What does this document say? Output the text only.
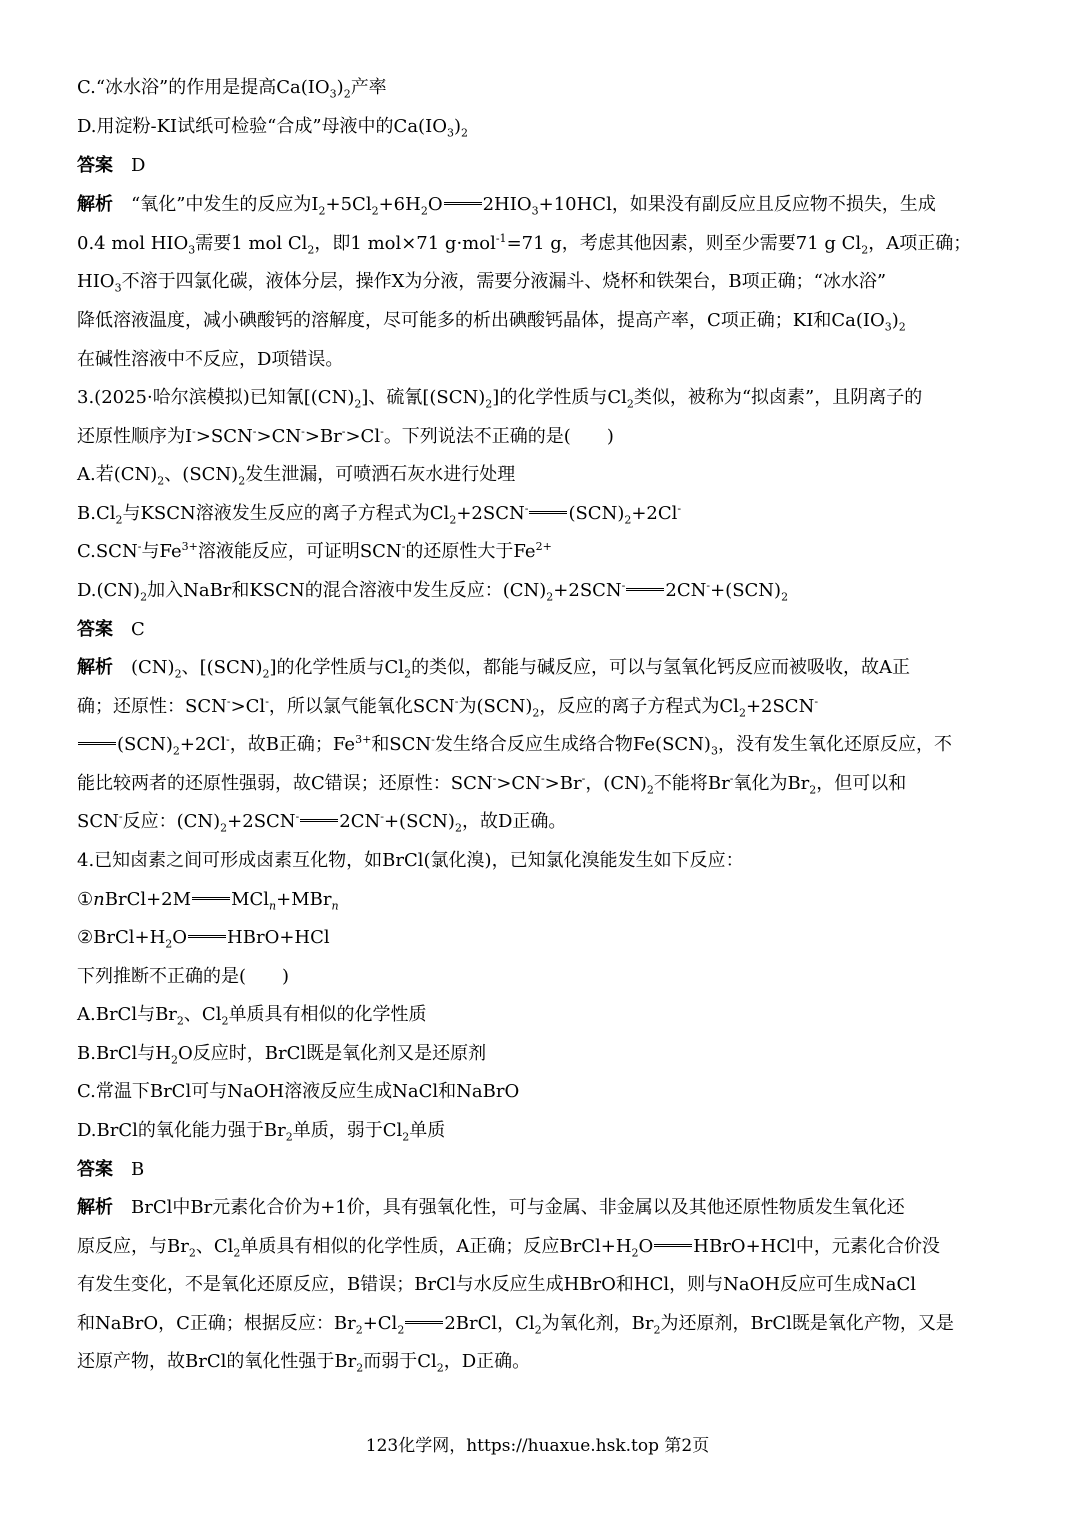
C.“冰水浴”的作用是提高$Ca(IO_3)_2$产率
D.用淀粉-KI试纸可检验“合成”母液中的$Ca(IO_3)_2$
答案　D
解析　“氧化”中发生的反应为$I_2+5Cl_2+6H_2O$ $2HIO_3+10HCl$，如果没有副反应且反应物不损失，生成
0.4 mol $HIO_3$需要1 mol $Cl_2$，即1 mol×71 g·mol$^{-1}$=71 g，考虑其他因素，则至少需要71 g $Cl_2$，A项正确；
$HIO_3$不溶于四氯化碳，液体分层，操作X为分液，需要分液漏斗、烧杯和铁架台，B项正确；“冰水浴”
降低溶液温度，减小碘酸钙的溶解度，尽可能多的析出碘酸钙晶体，提高产率，C项正确；KI和$Ca(IO_3)_2$
在碱性溶液中不反应，D项错误。
3.(2025·哈尔滨模拟)已知氰$[(CN)_2]$、硫氰$[(SCN)_2]$的化学性质与$Cl_2$类似，被称为“拟卤素”，且阴离子的
还原性顺序为I->SCN->CN->Br->Cl-。下列说法不正确的是(　　)
A.若$(CN)_2$、$(SCN)_2$发生泄漏，可喷洒石灰水进行处理
$B.Cl_2$与KSCN溶液发生反应的离子方程式为$Cl_2+2SCN^-$ $(SCN)_2+2Cl^-$
C.SCN-与$Fe^{3+}$溶液能反应，可证明SCN-的还原性大于$Fe^{2+}$
$D.(CN)_2$加入NaBr和KSCN的混合溶液中发生反应：$(CN)_2+2SCN^-$ $2CN^-+(SCN)_2$
答案　C
解析　$(CN)_2$、$[(SCN)_2]$的化学性质与$Cl_2$的类似，都能与碱反应，可以与氢氧化钙反应而被吸收，故A正
确；还原性：SCN->Cl-，所以氯气能氧化SCN-为$(SCN)_2$，反应的离子方程式为$Cl_2+2SCN^-$
$(SCN)_2+2Cl^-$，故B正确；$Fe^{3+}$和SCN-发生络合反应生成络合物$Fe(SCN)_3$，没有发生氧化还原反应，不
能比较两者的还原性强弱，故C错误；还原性：SCN->CN->Br-，$(CN)_2$不能将Br-氧化为$Br_2$，但可以和
SCN-反应：$(CN)_2+2SCN^-$ $2CN^-+(SCN)_2$，故D正确。
4.已知卤素之间可形成卤素互化物，如BrCl(氯化溴)，已知氯化溴能发生如下反应：
①nBrCl+2M MCl$_n$+MBr$_n$
$②BrCl+H_2O$ HBrO+HCl
下列推断不正确的是(　　)
A.BrCl与$Br_2$、$Cl_2$单质具有相似的化学性质
B.BrCl与$H_2O$反应时，BrCl既是氧化剂又是还原剂
C.常温下BrCl可与NaOH溶液反应生成NaCl和NaBrO
D.BrCl的氧化能力强于$Br_2$单质，弱于$Cl_2$单质
答案　B
解析　BrCl中Br元素化合价为+1价，具有强氧化性，可与金属、非金属以及其他还原性物质发生氧化还
原反应，与$Br_2$、$Cl_2$单质具有相似的化学性质，A正确；反应$BrCl+H_2O$ HBrO+HCl中，元素化合价没
有发生变化，不是氧化还原反应，B错误；BrCl与水反应生成HBrO和HCl，则与NaOH反应可生成NaCl
和NaBrO，C正确；根据反应：$Br_2+Cl_2$ 2BrCl，$Cl_2$为氧化剂，$Br_2$为还原剂，BrCl既是氧化产物，又是
还原产物，故BrCl的氧化性强于$Br_2$而弱于$Cl_2$，D正确。
123化学网，https://huaxue.hsk.top 第2页
